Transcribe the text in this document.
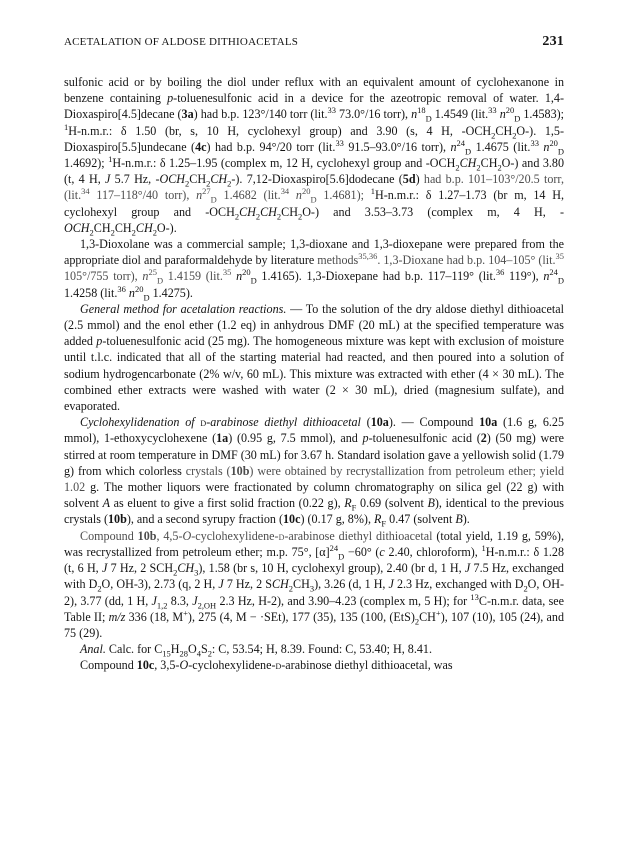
ACETALATION OF ALDOSE DITHIOACETALS	231

sulfonic acid or by boiling the diol under reflux with an equivalent amount of cyclohexanone in benzene containing p-toluenesulfonic acid in a device for the azeotropic removal of water. 1,4-Dioxaspiro[4.5]decane (3a) had b.p. 123°/140 torr (lit.$^{33}$ 73.0°/16 torr), $n^{18}_D$ 1.4549 (lit.$^{33}$ $n^{20}_D$ 1.4583); $^1$H-n.m.r.: δ 1.50 (br, s, 10 H, cyclohexyl group) and 3.90 (s, 4 H, $-OCH_2CH_2O-$). 1,5-Dioxaspiro[5.5]undecane (4c) had b.p. 94°/20 torr (lit.$^{33}$ 91.5–93.0°/16 torr), $n^{24}_D$ 1.4675 (lit.$^{33}$ $n^{20}_D$ 1.4692); $^1$H-n.m.r.: δ 1.25–1.95 (complex m, 12 H, cyclohexyl group and $-OCH_2CH_2CH_2O-$) and 3.80 (t, 4 H, J 5.7 Hz, $-OCH_2CH_2CH_2-$). 7,12-Dioxaspiro[5.6]dodecane (5d) had b.p. 101–103°/20.5 torr, (lit.$^{34}$ 117–118°/40 torr), $n^{27}_D$ 1.4682 (lit.$^{34}$ $n^{20}_D$ 1.4681); $^1$H-n.m.r.: δ 1.27–1.73 (br m, 14 H, cyclohexyl group and $-OCH_2CH_2CH_2CH_2O-$) and 3.53–3.73 (complex m, 4 H, $-OCH_2CH_2CH_2CH_2O-$).

1,3-Dioxolane was a commercial sample; 1,3-dioxane and 1,3-dioxepane were prepared from the appropriate diol and paraformaldehyde by literature methods$^{35,36}$. 1,3-Dioxane had b.p. 104–105° (lit.$^{35}$ 105°/755 torr), $n^{25}_D$ 1.4159 (lit.$^{35}$ $n^{20}_D$ 1.4165). 1,3-Dioxepane had b.p. 117–119° (lit.$^{36}$ 119°), $n^{24}_D$ 1.4258 (lit.$^{36}$ $n^{20}_D$ 1.4275).

General method for acetalation reactions. — To the solution of the dry aldose diethyl dithioacetal (2.5 mmol) and the enol ether (1.2 eq) in anhydrous DMF (20 mL) at the specified temperature was added p-toluenesulfonic acid (25 mg). The homogeneous mixture was kept with exclusion of moisture until t.l.c. indicated that all of the starting material had reacted, and then poured into a solution of sodium hydrogencarbonate (2% w/v, 60 mL). This mixture was extracted with ether (4 × 30 mL). The combined ether extracts were washed with water (2 × 30 mL), dried (magnesium sulfate), and evaporated.

Cyclohexylidenation of d-arabinose diethyl dithioacetal (10a). — Compound 10a (1.6 g, 6.25 mmol), 1-ethoxycyclohexene (1a) (0.95 g, 7.5 mmol), and p-toluenesulfonic acid (2) (50 mg) were stirred at room temperature in DMF (30 mL) for 3.67 h. Standard isolation gave a yellowish solid (1.79 g) from which colorless crystals (10b) were obtained by recrystallization from petroleum ether; yield 1.02 g. The mother liquors were fractionated by column chromatography on silica gel (22 g) with solvent A as eluent to give a first solid fraction (0.22 g), $R_F$ 0.69 (solvent B), identical to the previous crystals (10b), and a second syrupy fraction (10c) (0.17 g, 8%), $R_F$ 0.47 (solvent B).

Compound 10b, 4,5-O-cyclohexylidene-d-arabinose diethyl dithioacetal (total yield, 1.19 g, 59%), was recrystallized from petroleum ether; m.p. 75°, $[\alpha]^{24}_D -60^\circ$ (c 2.40, chloroform), $^1$H-n.m.r.: δ 1.28 (t, 6 H, J 7 Hz, 2 $SCH_2CH_3$), 1.58 (br s, 10 H, cyclohexyl group), 2.40 (br d, 1 H, J 7.5 Hz, exchanged with $D_2O$, OH-3), 2.73 (q, 2 H, J 7 Hz, 2 $SCH_2CH_3$), 3.26 (d, 1 H, J 2.3 Hz, exchanged with $D_2O$, OH-2), 3.77 (dd, 1 H, $J_{1,2}$ 8.3, $J_{2,OH}$ 2.3 Hz, H-2), and 3.90–4.23 (complex m, 5 H); for $^{13}$C-n.m.r. data, see Table II; m/z 336 (18, M+), 275 (4, M − ·SEt), 177 (35), 135 (100, $(EtS)_2CH^+$), 107 (10), 105 (24), and 75 (29).

Anal. Calc. for $C_{15}H_{28}O_4S_2$: C, 53.54; H, 8.39. Found: C, 53.40; H, 8.41.

Compound 10c, 3,5-O-cyclohexylidene-d-arabinose diethyl dithioacetal, was
